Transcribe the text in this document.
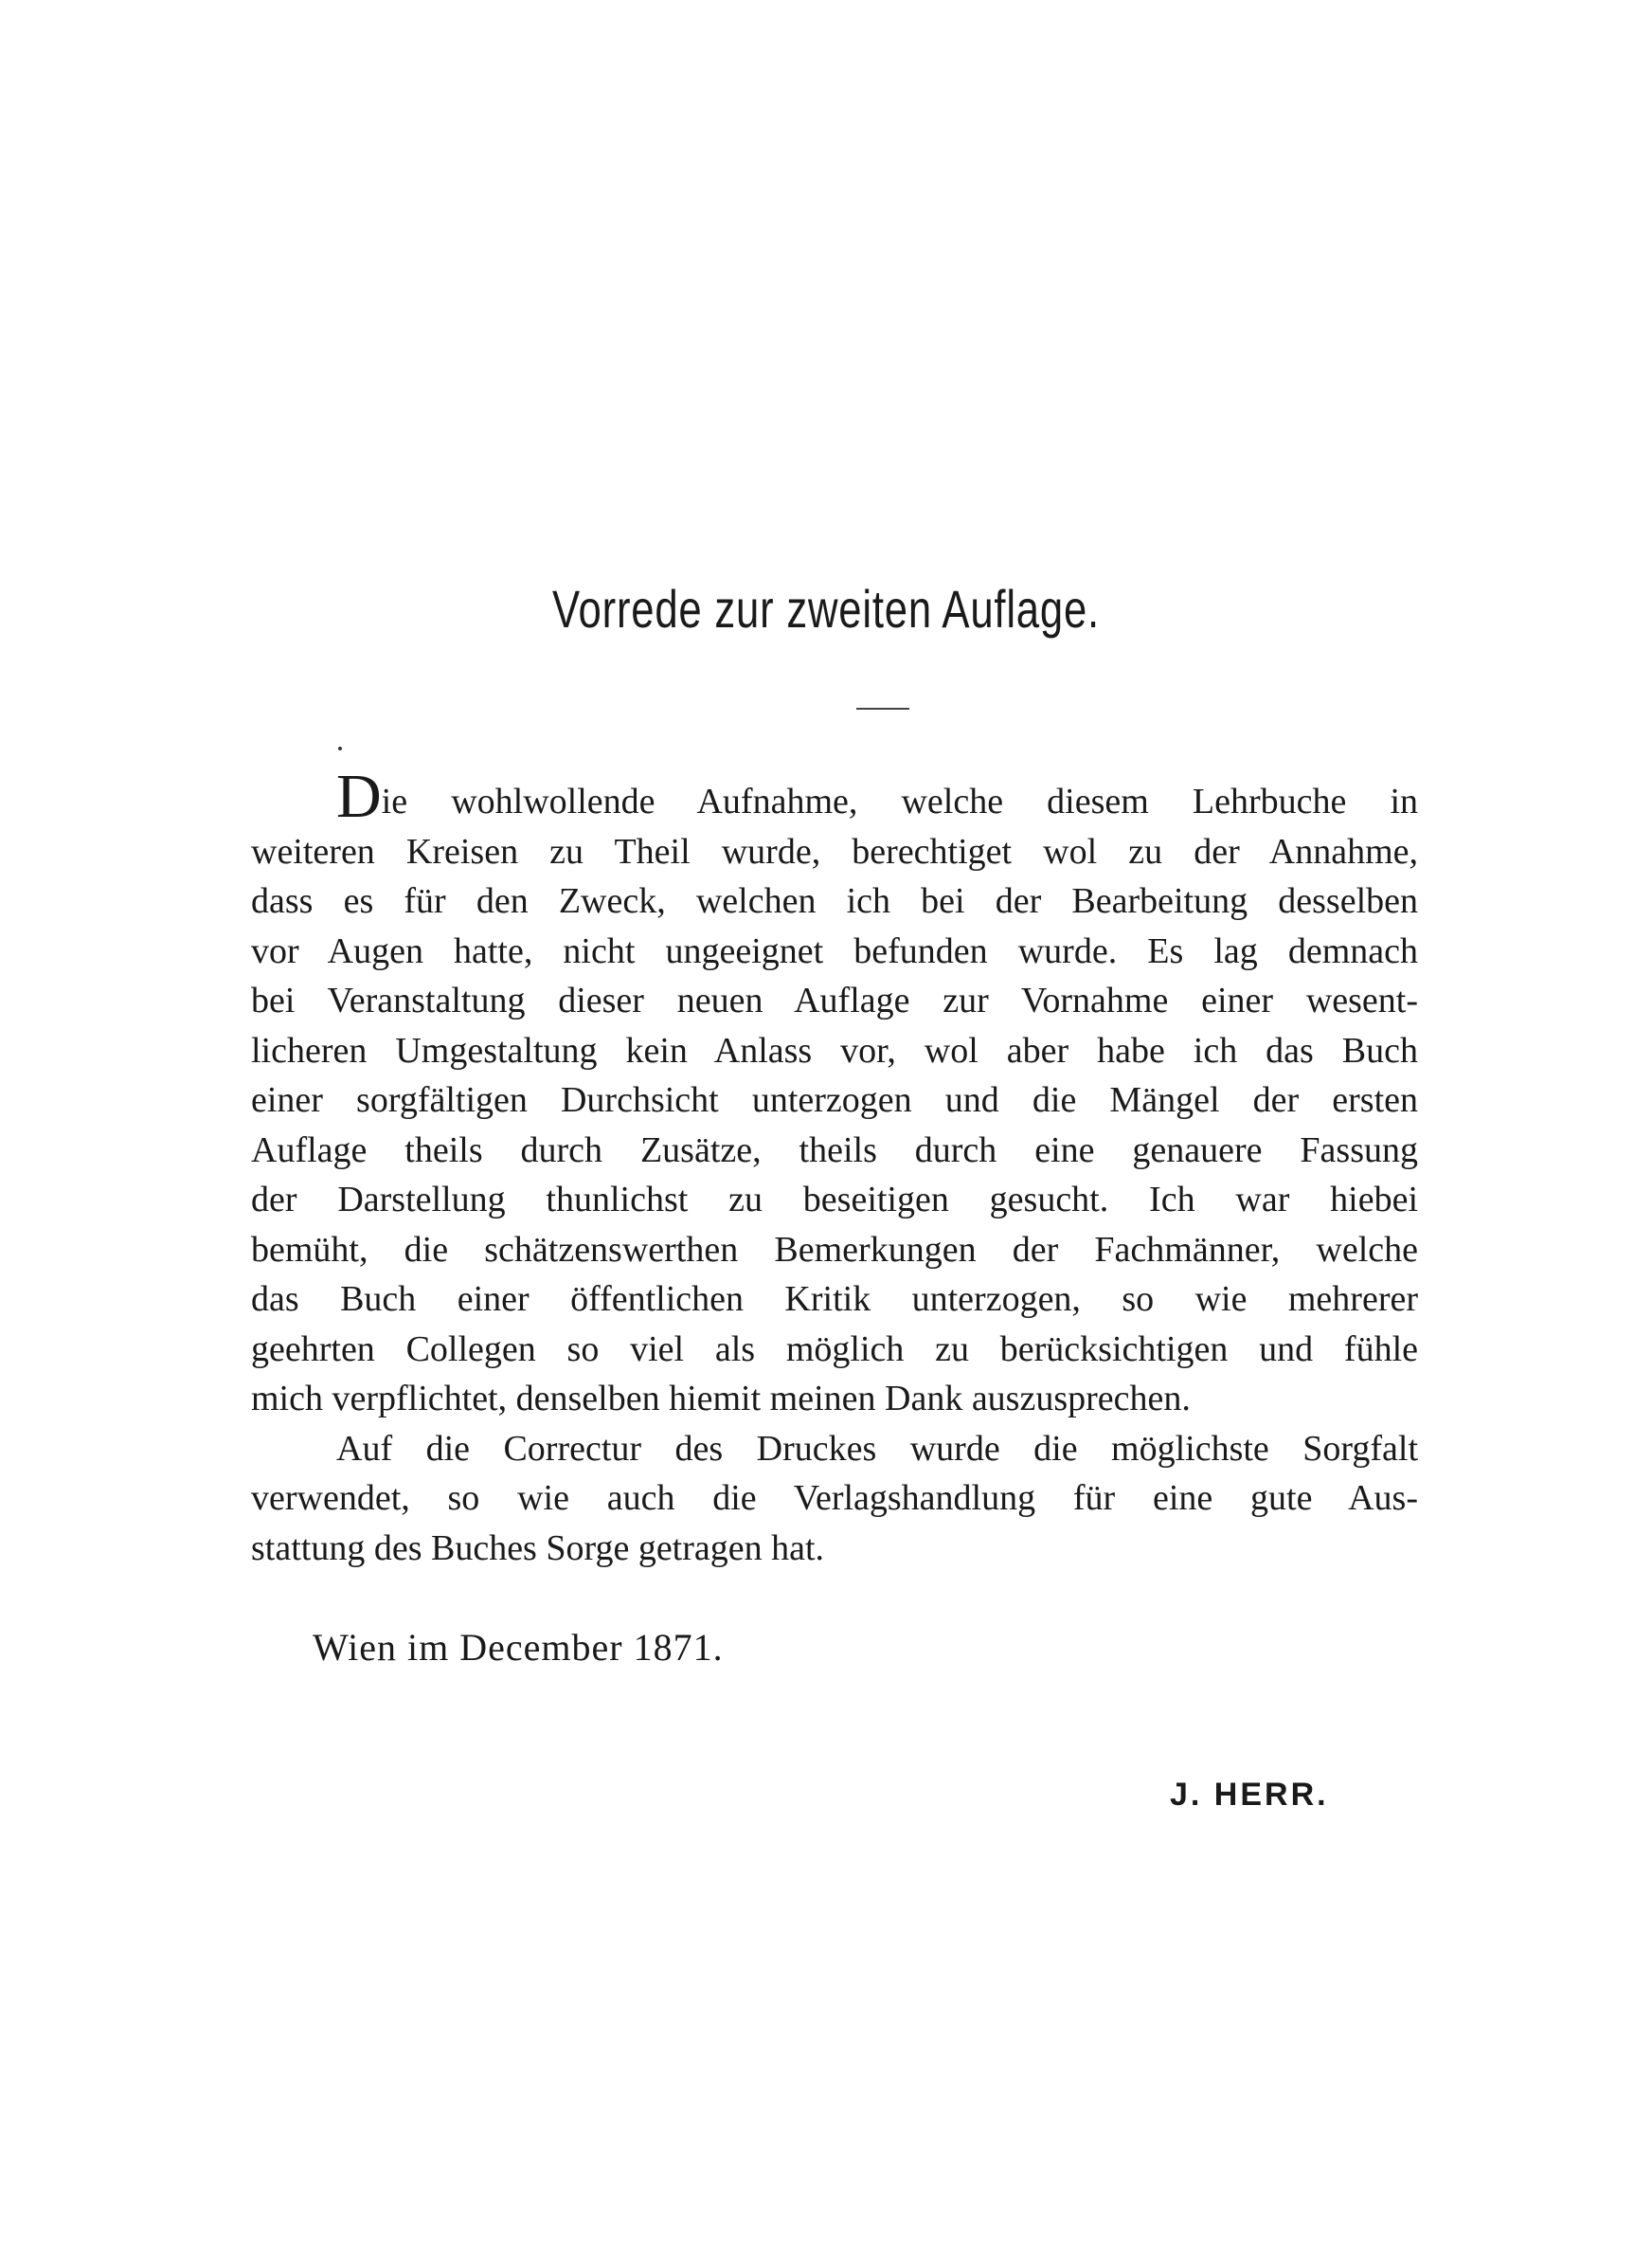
Vorrede zur zweiten Auflage.
Die wohlwollende Aufnahme, welche diesem Lehrbuche in
weiteren Kreisen zu Theil wurde, berechtiget wol zu der Annahme,
dass es für den Zweck, welchen ich bei der Bearbeitung desselben
vor Augen hatte, nicht ungeeignet befunden wurde. Es lag demnach
bei Veranstaltung dieser neuen Auflage zur Vornahme einer wesent-
licheren Umgestaltung kein Anlass vor, wol aber habe ich das Buch
einer sorgfältigen Durchsicht unterzogen und die Mängel der ersten
Auflage theils durch Zusätze, theils durch eine genauere Fassung
der Darstellung thunlichst zu beseitigen gesucht. Ich war hiebei
bemüht, die schätzenswerthen Bemerkungen der Fachmänner, welche
das Buch einer öffentlichen Kritik unterzogen, so wie mehrerer
geehrten Collegen so viel als möglich zu berücksichtigen und fühle
mich verpflichtet, denselben hiemit meinen Dank auszusprechen.
Auf die Correctur des Druckes wurde die möglichste Sorgfalt
verwendet, so wie auch die Verlagshandlung für eine gute Aus-
stattung des Buches Sorge getragen hat.
Wien im December 1871.
J. HERR.
